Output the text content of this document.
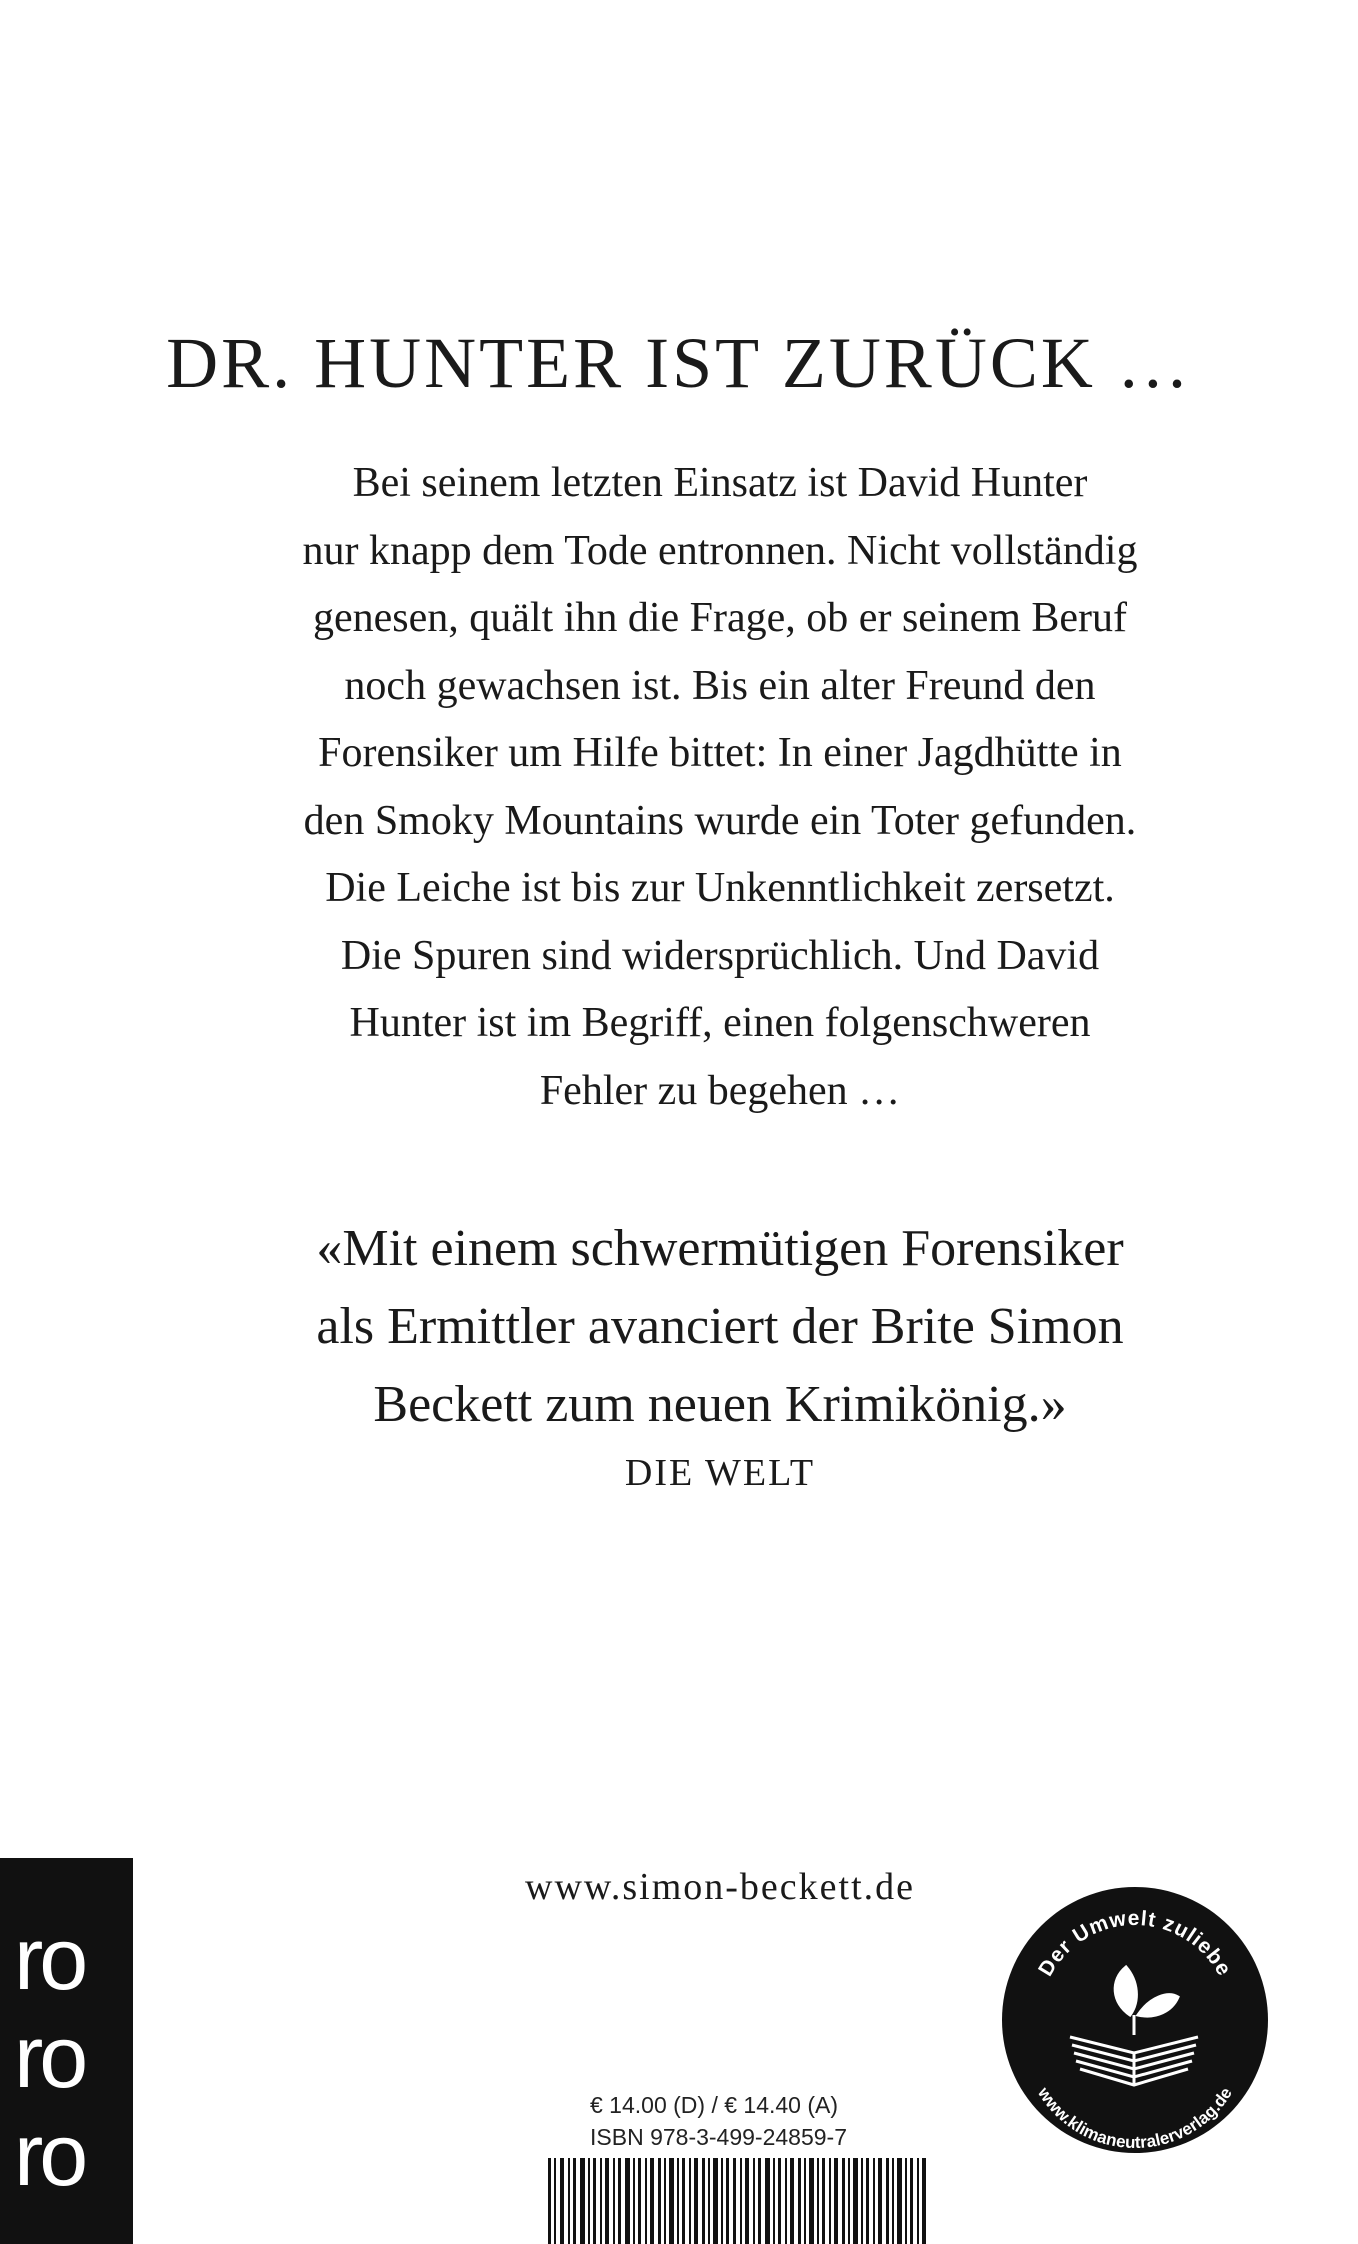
DR. HUNTER IST ZURÜCK …

Bei seinem letzten Einsatz ist David Hunter
nur knapp dem Tode entronnen. Nicht vollständig
genesen, quält ihn die Frage, ob er seinem Beruf
noch gewachsen ist. Bis ein alter Freund den
Forensiker um Hilfe bittet: In einer Jagdhütte in
den Smoky Mountains wurde ein Toter gefunden.
Die Leiche ist bis zur Unkenntlichkeit zersetzt.
Die Spuren sind widersprüchlich. Und David
Hunter ist im Begriff, einen folgenschweren
Fehler zu begehen …

«Mit einem schwermütigen Forensiker
als Ermittler avanciert der Brite Simon
Beckett zum neuen Krimikönig.»

DIE WELT
www.simon-beckett.de
ro
ro
ro	€ 14.00 (D) / € 14.40 (A)
ISBN 978-3-499-24859-7
Der Umwelt zuliebe
www.klimaneutralerverlag.de
